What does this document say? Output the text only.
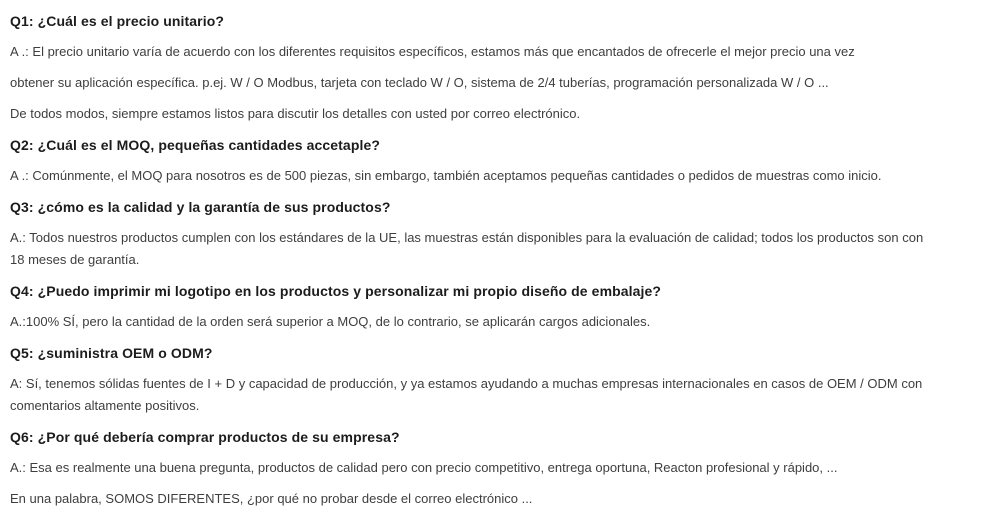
Q1: ¿Cuál es el precio unitario?

A .: El precio unitario varía de acuerdo con los diferentes requisitos específicos, estamos más que encantados de ofrecerle el mejor precio una vez

obtener su aplicación específica. p.ej. W / O Modbus, tarjeta con teclado W / O, sistema de 2/4 tuberías, programación personalizada W / O ...

De todos modos, siempre estamos listos para discutir los detalles con usted por correo electrónico.

Q2: ¿Cuál es el MOQ, pequeñas cantidades accetaple?

A .: Comúnmente, el MOQ para nosotros es de 500 piezas, sin embargo, también aceptamos pequeñas cantidades o pedidos de muestras como inicio.

Q3: ¿cómo es la calidad y la garantía de sus productos?

A.: Todos nuestros productos cumplen con los estándares de la UE, las muestras están disponibles para la evaluación de calidad; todos los productos son con
18 meses de garantía.

Q4: ¿Puedo imprimir mi logotipo en los productos y personalizar mi propio diseño de embalaje?

A.:100% SÍ, pero la cantidad de la orden será superior a MOQ, de lo contrario, se aplicarán cargos adicionales.

Q5: ¿suministra OEM o ODM?

A: Sí, tenemos sólidas fuentes de I + D y capacidad de producción, y ya estamos ayudando a muchas empresas internacionales en casos de OEM / ODM con
comentarios altamente positivos.

Q6: ¿Por qué debería comprar productos de su empresa?

A.: Esa es realmente una buena pregunta, productos de calidad pero con precio competitivo, entrega oportuna, Reacton profesional y rápido, ...

En una palabra, SOMOS DIFERENTES, ¿por qué no probar desde el correo electrónico ...
